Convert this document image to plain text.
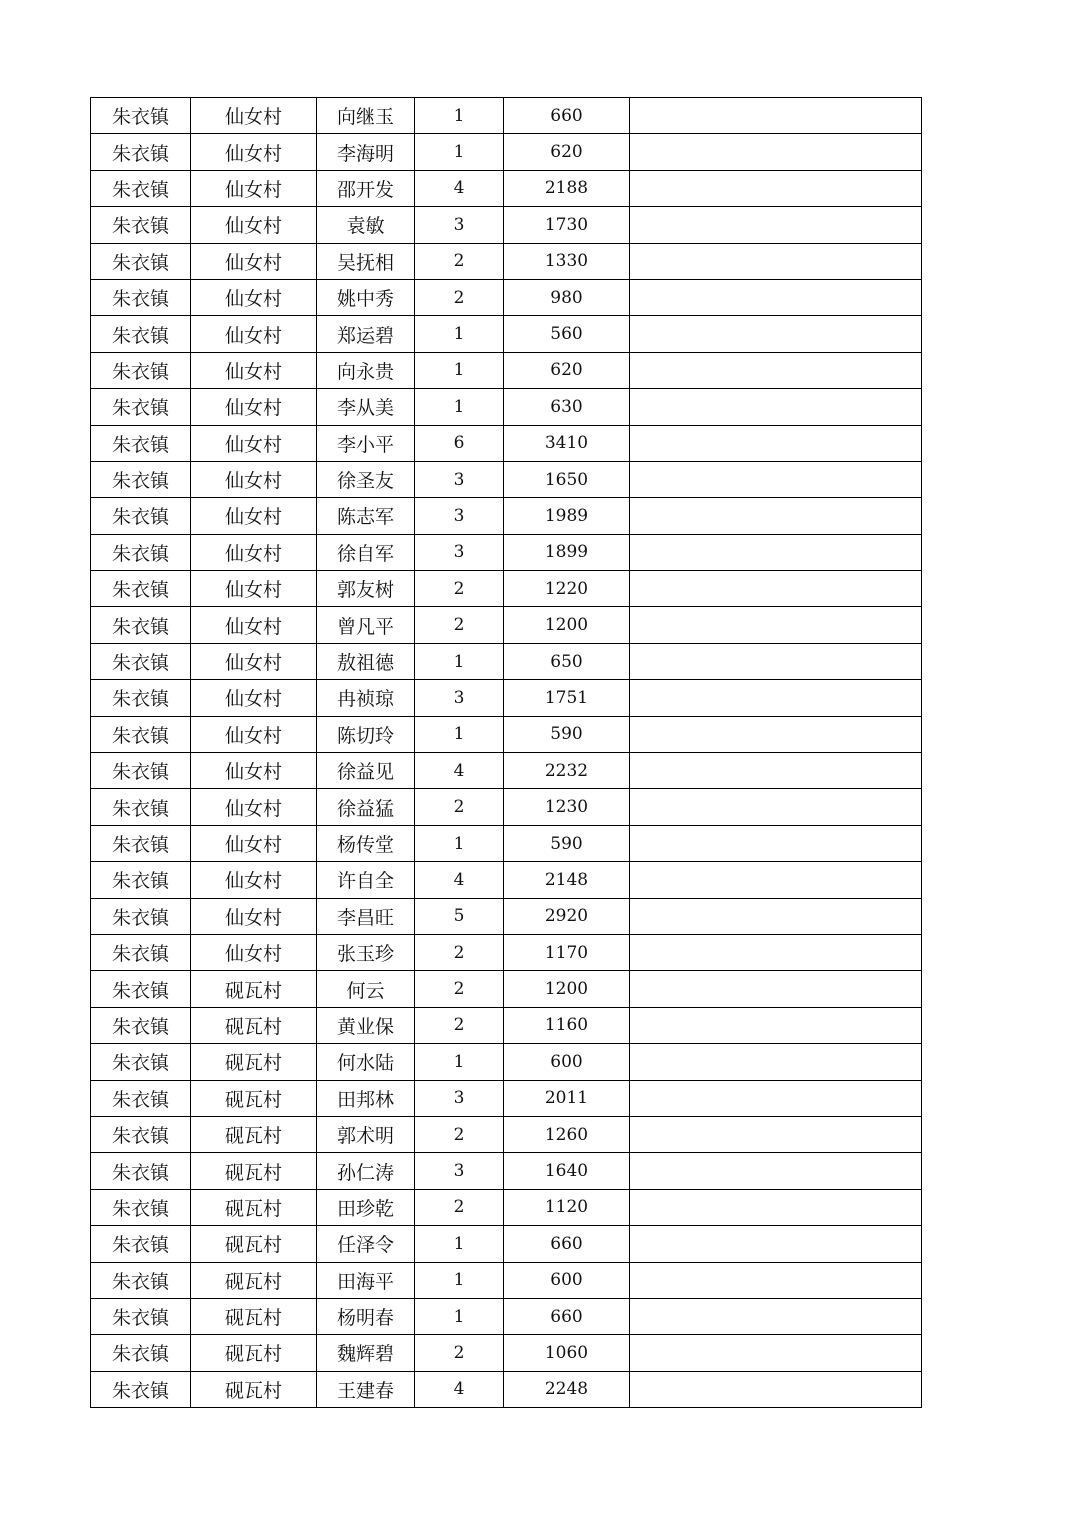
朱衣镇	仙女村	向继玉	1	660	
朱衣镇	仙女村	李海明	1	620	
朱衣镇	仙女村	邵开发	4	2188	
朱衣镇	仙女村	袁敏	3	1730	
朱衣镇	仙女村	吴抚相	2	1330	
朱衣镇	仙女村	姚中秀	2	980	
朱衣镇	仙女村	郑运碧	1	560	
朱衣镇	仙女村	向永贵	1	620	
朱衣镇	仙女村	李从美	1	630	
朱衣镇	仙女村	李小平	6	3410	
朱衣镇	仙女村	徐圣友	3	1650	
朱衣镇	仙女村	陈志军	3	1989	
朱衣镇	仙女村	徐自军	3	1899	
朱衣镇	仙女村	郭友树	2	1220	
朱衣镇	仙女村	曾凡平	2	1200	
朱衣镇	仙女村	敖祖德	1	650	
朱衣镇	仙女村	冉祯琼	3	1751	
朱衣镇	仙女村	陈切玲	1	590	
朱衣镇	仙女村	徐益见	4	2232	
朱衣镇	仙女村	徐益猛	2	1230	
朱衣镇	仙女村	杨传堂	1	590	
朱衣镇	仙女村	许自全	4	2148	
朱衣镇	仙女村	李昌旺	5	2920	
朱衣镇	仙女村	张玉珍	2	1170	
朱衣镇	砚瓦村	何云	2	1200	
朱衣镇	砚瓦村	黄业保	2	1160	
朱衣镇	砚瓦村	何水陆	1	600	
朱衣镇	砚瓦村	田邦林	3	2011	
朱衣镇	砚瓦村	郭术明	2	1260	
朱衣镇	砚瓦村	孙仁涛	3	1640	
朱衣镇	砚瓦村	田珍乾	2	1120	
朱衣镇	砚瓦村	任泽令	1	660	
朱衣镇	砚瓦村	田海平	1	600	
朱衣镇	砚瓦村	杨明春	1	660	
朱衣镇	砚瓦村	魏辉碧	2	1060	
朱衣镇	砚瓦村	王建春	4	2248	
